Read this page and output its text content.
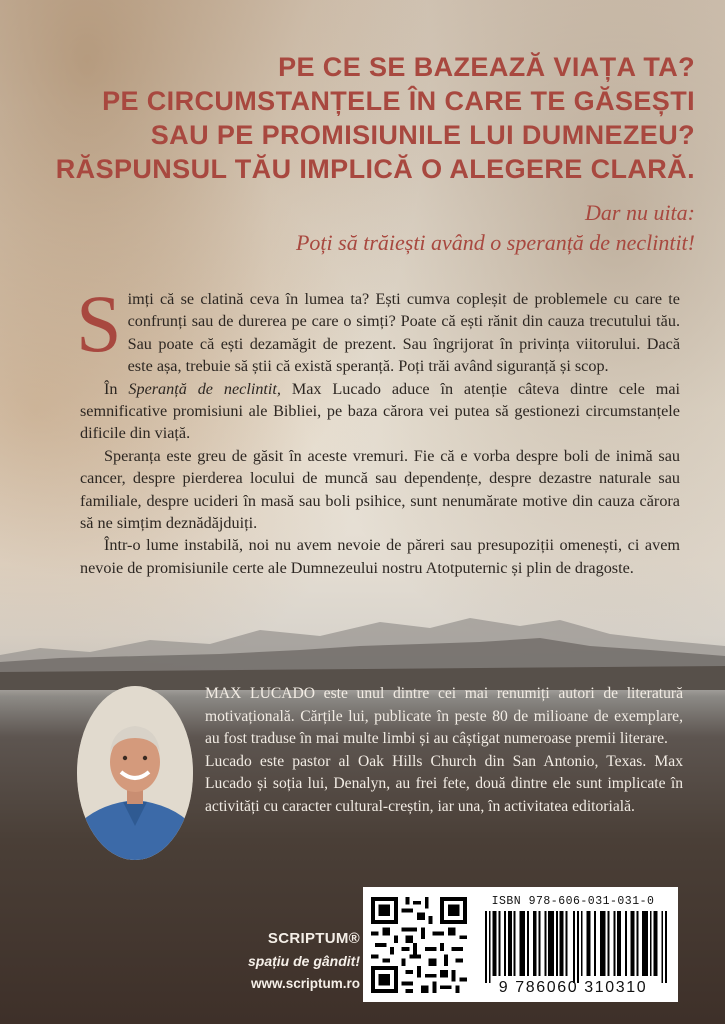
PE CE SE BAZEAZĂ VIAȚA TA?
PE CIRCUMSTANȚELE ÎN CARE TE GĂSEȘTI
SAU PE PROMISIUNILE LUI DUMNEZEU?
RĂSPUNSUL TĂU IMPLICĂ O ALEGERE CLARĂ.
Dar nu uita:
Poți să trăiești având o speranță de neclintit!

Simți că se clatină ceva în lumea ta? Ești cumva copleșit de problemele cu care te confrunți sau de durerea pe care o simți? Poate că ești rănit din cauza trecutului tău. Sau poate că ești dezamăgit de prezent. Sau îngrijorat în privința viitorului. Dacă este așa, trebuie să știi că există speranță. Poți trăi având siguranță și scop.

În Speranță de neclintit, Max Lucado aduce în atenție câteva dintre cele mai semnificative promisiuni ale Bibliei, pe baza cărora vei putea să gestionezi circumstanțele dificile din viață.

Speranța este greu de găsit în aceste vremuri. Fie că e vorba despre boli de inimă sau cancer, despre pierderea locului de muncă sau dependențe, despre dezastre naturale sau familiale, despre ucideri în masă sau boli psihice, sunt nenumărate motive din cauza cărora să ne simțim deznădăjduiți.

Într-o lume instabilă, noi nu avem nevoie de păreri sau presupoziții omenești, ci avem nevoie de promisiunile certe ale Dumnezeului nostru Atotputernic și plin de dragoste.

MAX LUCADO este unul dintre cei mai renumiți autori de literatură motivațională. Cărțile lui, publicate în peste 80 de milioane de exemplare, au fost traduse în mai multe limbi și au câștigat numeroase premii literare.

Lucado este pastor al Oak Hills Church din San Antonio, Texas. Max Lucado și soția lui, Denalyn, au frei fete, două dintre ele sunt implicate în activități cu caracter cultural-creștin, iar una, în activitatea editorială.

SCRIPTUM®
spațiu de gândit!
www.scriptum.ro
ISBN 978-606-031-031-0
9 786060 310310
